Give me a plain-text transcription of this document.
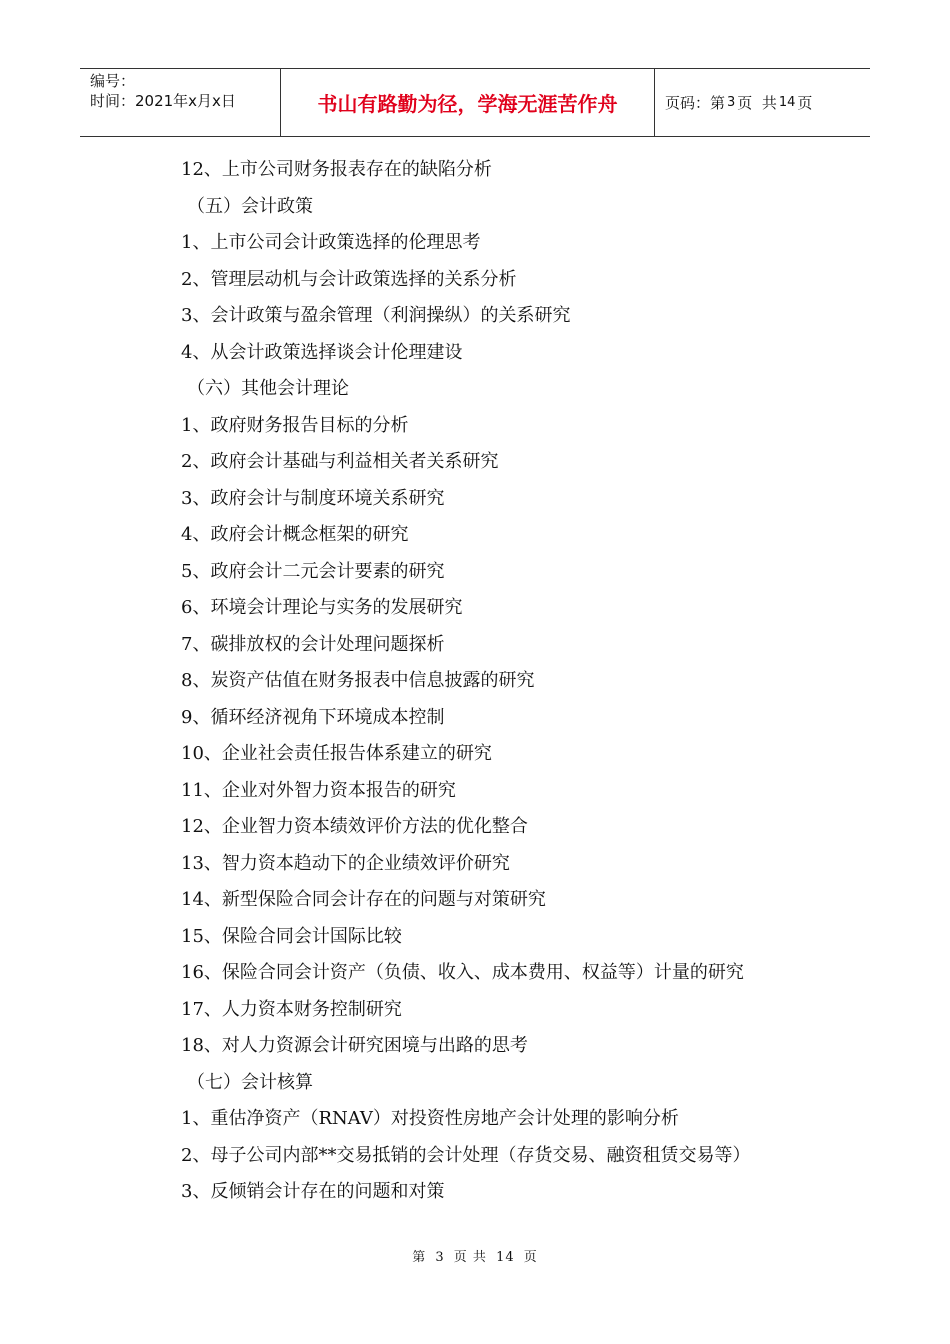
编号：
时间：2021年x月x日	书山有路勤为径，学海无涯苦作舟	页码：第 3 页  共 14 页
12、上市公司财务报表存在的缺陷分析
（五）会计政策
1、上市公司会计政策选择的伦理思考
2、管理层动机与会计政策选择的关系分析
3、会计政策与盈余管理（利润操纵）的关系研究
4、从会计政策选择谈会计伦理建设
（六）其他会计理论
1、政府财务报告目标的分析
2、政府会计基础与利益相关者关系研究
3、政府会计与制度环境关系研究
4、政府会计概念框架的研究
5、政府会计二元会计要素的研究
6、环境会计理论与实务的发展研究
7、碳排放权的会计处理问题探析
8、炭资产估值在财务报表中信息披露的研究
9、循环经济视角下环境成本控制
10、企业社会责任报告体系建立的研究
11、企业对外智力资本报告的研究
12、企业智力资本绩效评价方法的优化整合
13、智力资本趋动下的企业绩效评价研究
14、新型保险合同会计存在的问题与对策研究
15、保险合同会计国际比较
16、保险合同会计资产（负债、收入、成本费用、权益等）计量的研究
17、人力资本财务控制研究
18、对人力资源会计研究困境与出路的思考
（七）会计核算
1、重估净资产（RNAV）对投资性房地产会计处理的影响分析
2、母子公司内部**交易抵销的会计处理（存货交易、融资租赁交易等）
3、反倾销会计存在的问题和对策
第 3 页 共 14 页
